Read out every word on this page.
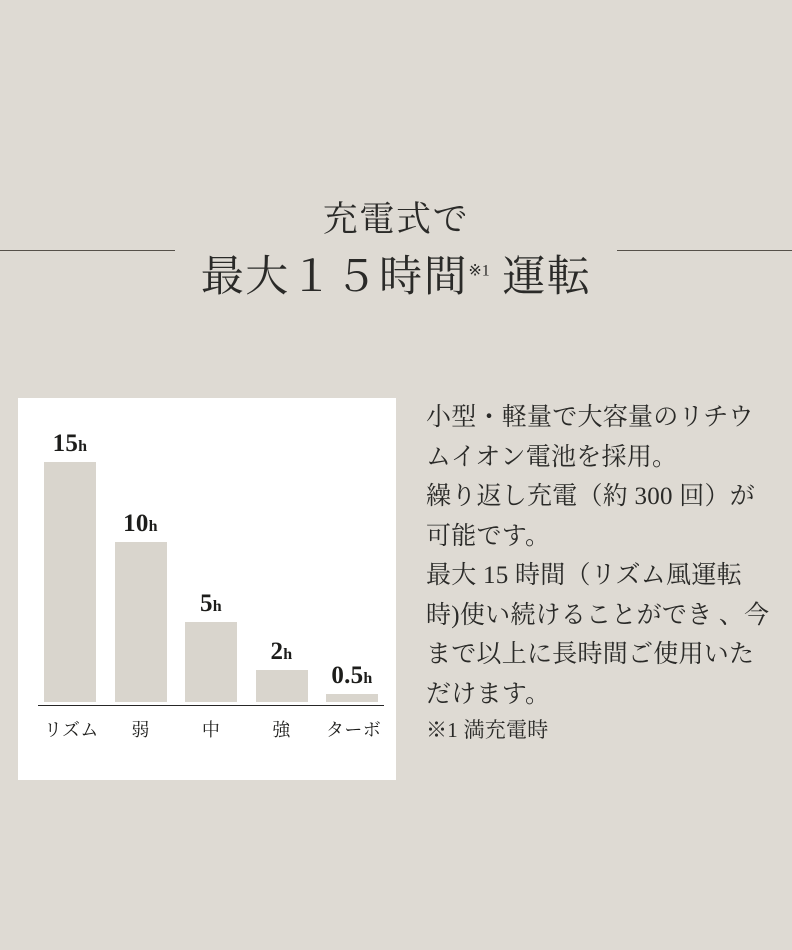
充電式で
最大１５時間$^{※1}$ 運転
15h
10h
5h
2h
0.5h
リズム	弱	中	強	ターボ

小型・軽量で大容量のリチウムイオン電池を採用。

繰り返し充電（約 300 回）が可能です。

最大 15 時間（リズム風運転時)使い続けることができ 、今まで以上に長時間ご使用いただけます。

※1 満充電時
